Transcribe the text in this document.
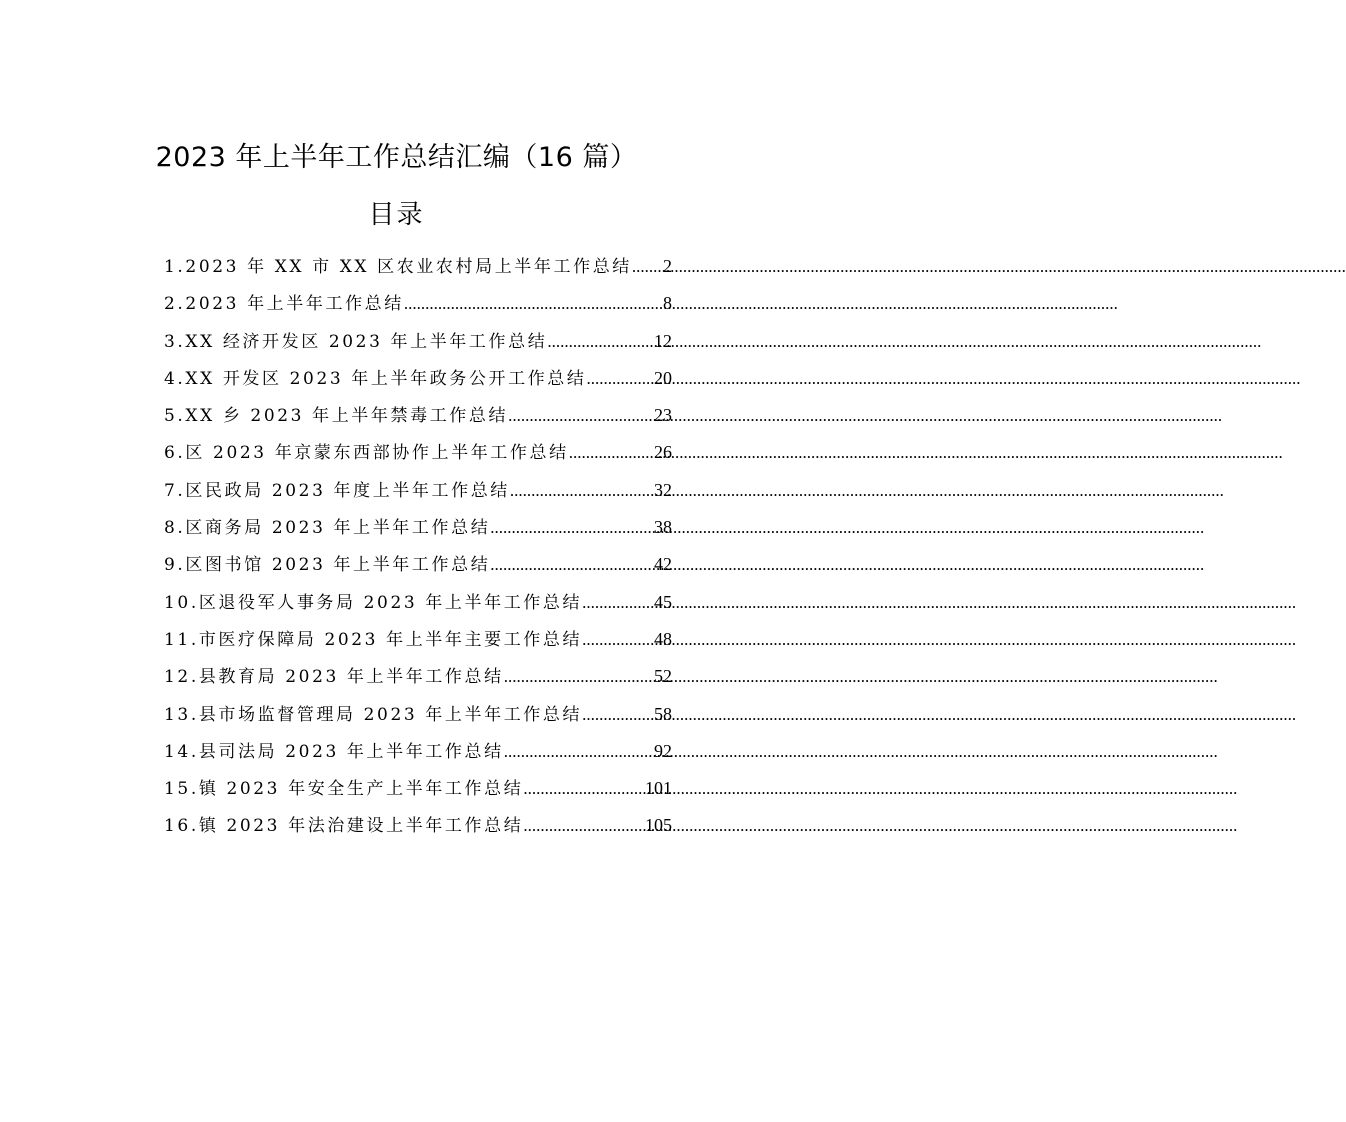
2023 年上半年工作总结汇编（16 篇）
目录
1.2023 年 XX 市 XX 区农业农村局上半年工作总结 ..... 2
2.2023 年上半年工作总结 .....	8
3.XX 经济开发区 2023 年上半年工作总结 .....	12
4.XX 开发区 2023 年上半年政务公开工作总结 .....	20
5.XX 乡 2023 年上半年禁毒工作总结 .....	23
6.区 2023 年京蒙东西部协作上半年工作总结 .....	26
7.区民政局 2023 年度上半年工作总结 .....	32
8.区商务局 2023 年上半年工作总结 .....	38
9.区图书馆 2023 年上半年工作总结 .....	42
10.区退役军人事务局 2023 年上半年工作总结 .....	45
11.市医疗保障局 2023 年上半年主要工作总结 .....	48
12.县教育局 2023 年上半年工作总结 .....	52
13.县市场监督管理局 2023 年上半年工作总结 .....	58
14.县司法局 2023 年上半年工作总结 .....	92
15.镇 2023 年安全生产上半年工作总结 .....	101
16.镇 2023 年法治建设上半年工作总结 .....	105
